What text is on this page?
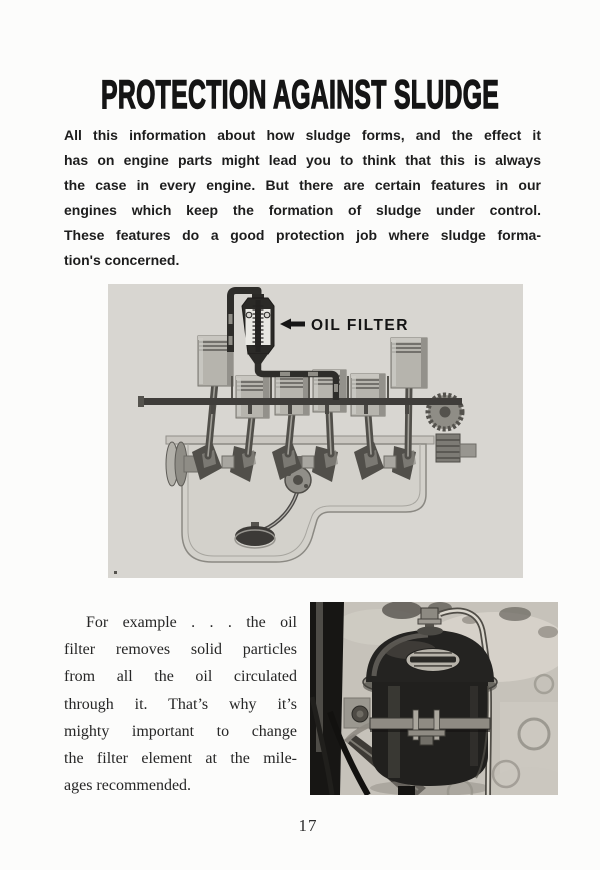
PROTECTION AGAINST SLUDGE
All this information about how sludge forms, and the effect it
has on engine parts might lead you to think that this is always
the case in every engine. But there are certain features in our
engines which keep the formation of sludge under control.
These features do a good protection job where sludge forma-
tion's concerned.
OIL FILTER
For example . . . the oil
filter removes solid particles
from all the oil circulated
through it. That’s why it’s
mighty important to change
the filter element at the mile-
ages recommended.
17
